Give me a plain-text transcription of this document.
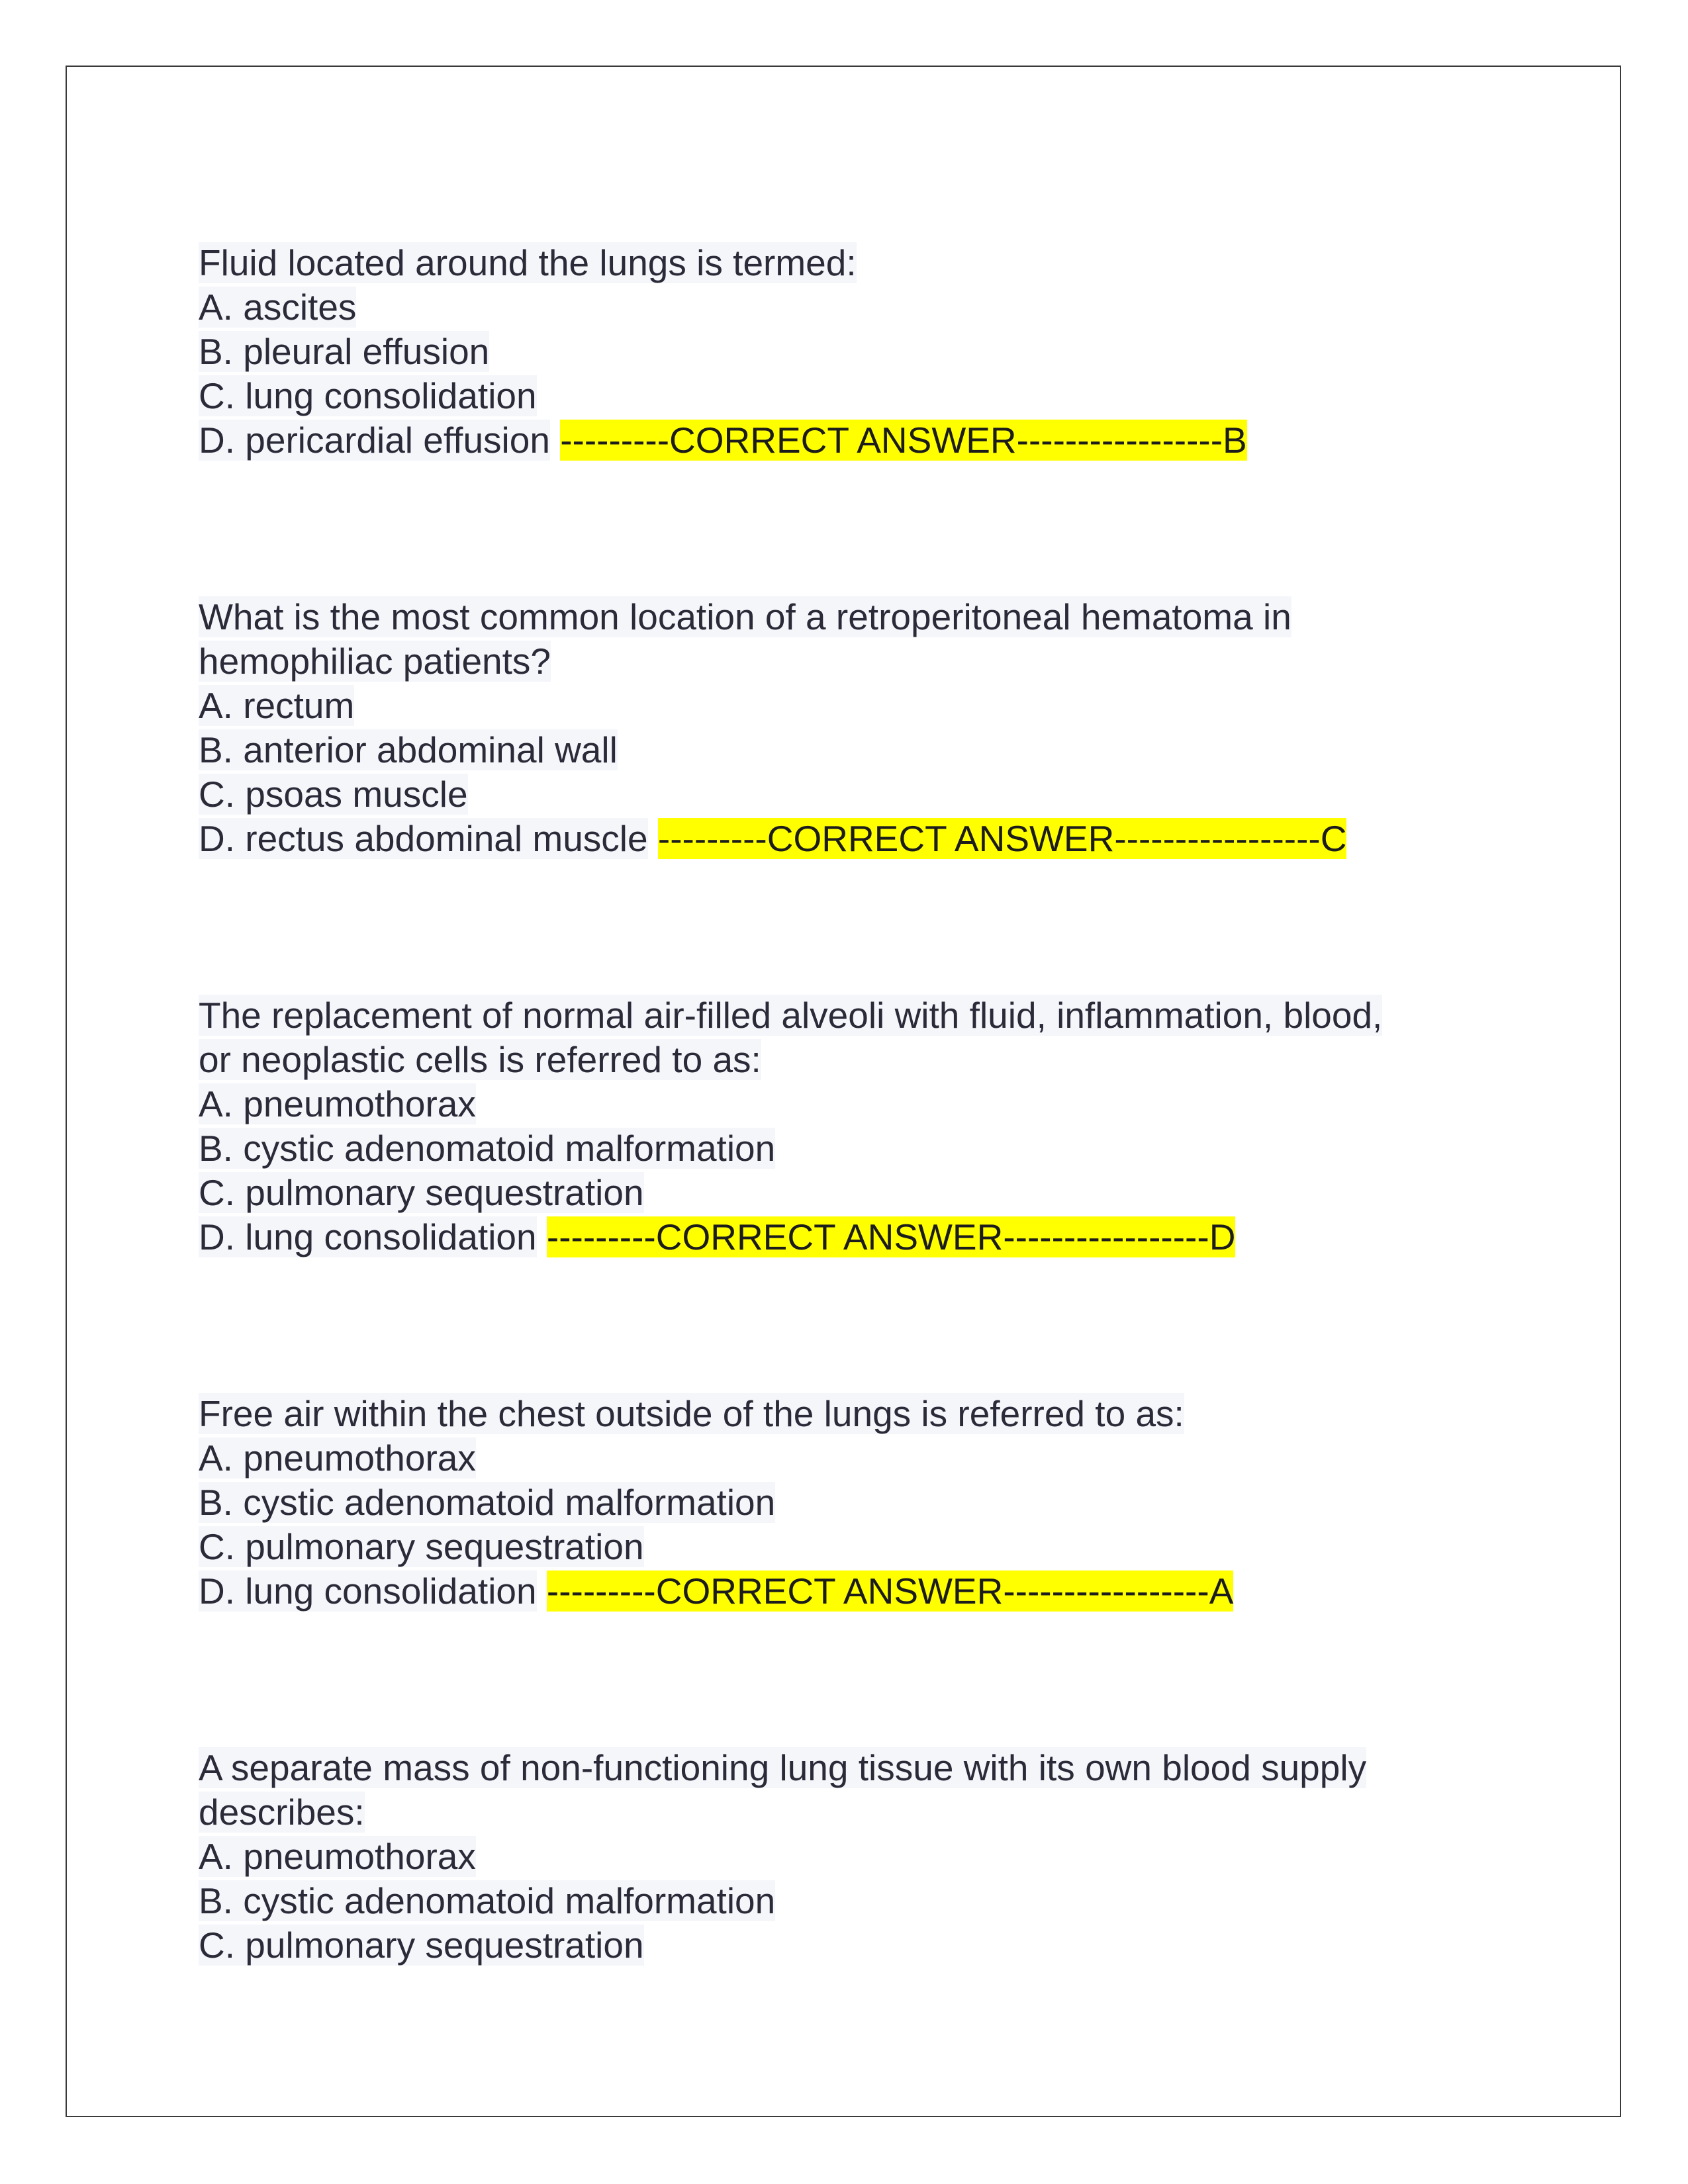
Fluid located around the lungs is termed:
A. ascites
B. pleural effusion
C. lung consolidation
D. pericardial effusion ---------CORRECT ANSWER-----------------B
What is the most common location of a retroperitoneal hematoma in
hemophiliac patients?
A. rectum
B. anterior abdominal wall
C. psoas muscle
D. rectus abdominal muscle ---------CORRECT ANSWER-----------------C
The replacement of normal air-filled alveoli with fluid, inflammation, blood,
or neoplastic cells is referred to as:
A. pneumothorax
B. cystic adenomatoid malformation
C. pulmonary sequestration
D. lung consolidation ---------CORRECT ANSWER-----------------D
Free air within the chest outside of the lungs is referred to as:
A. pneumothorax
B. cystic adenomatoid malformation
C. pulmonary sequestration
D. lung consolidation ---------CORRECT ANSWER-----------------A
A separate mass of non-functioning lung tissue with its own blood supply
describes:
A. pneumothorax
B. cystic adenomatoid malformation
C. pulmonary sequestration
